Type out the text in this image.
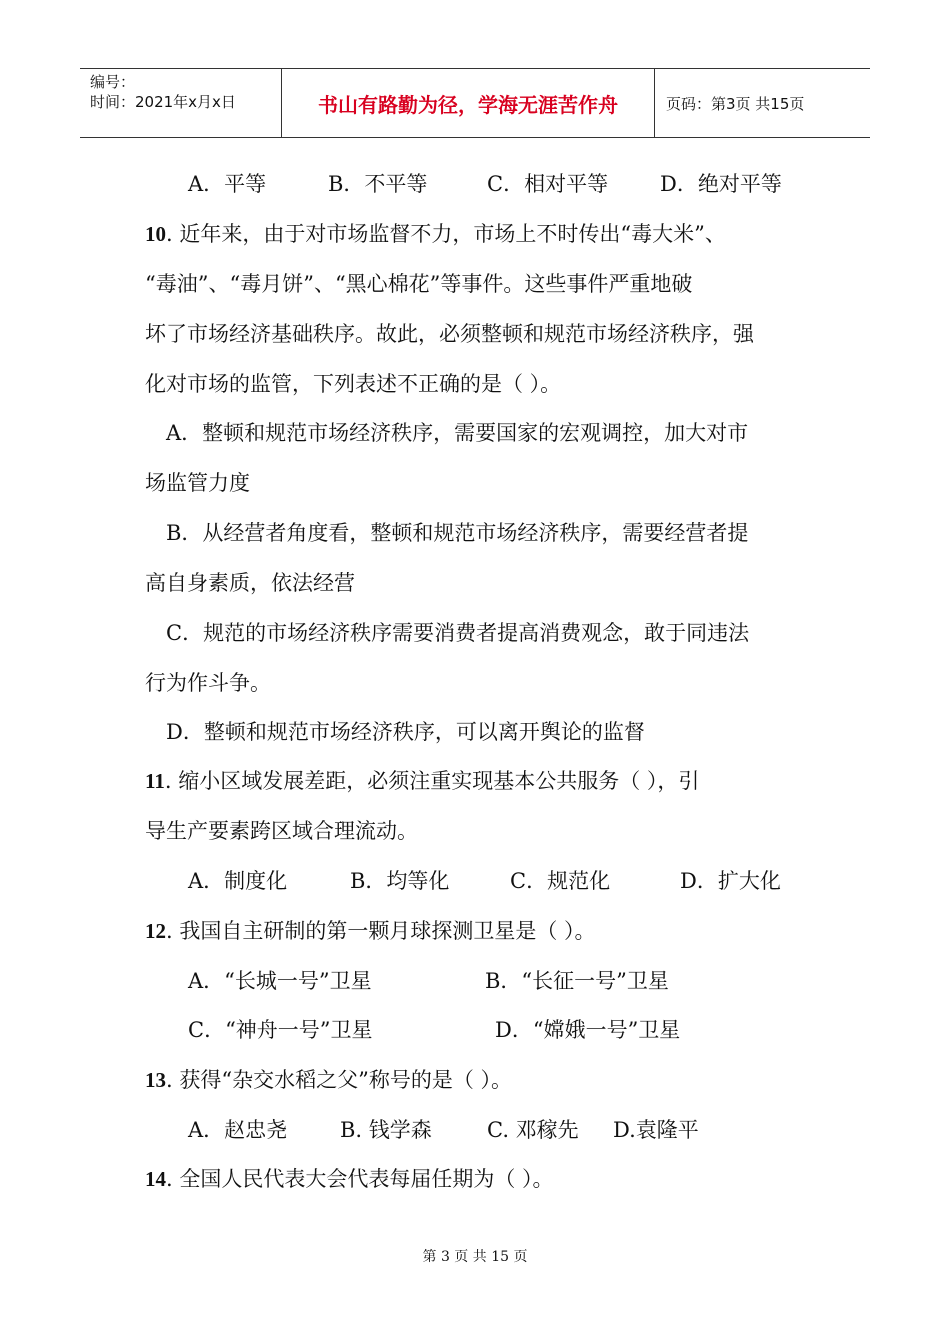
编号：
时间：2021年x月x日	书山有路勤为径，学海无涯苦作舟	页码：第3页 共15页
A．平等	B．不平等	C．相对平等 D．绝对平等
10. 近年来，由于对市场监督不力，市场上不时传出“毒大米”、
“毒油”、“毒月饼”、“黑心棉花”等事件。这些事件严重地破
坏了市场经济基础秩序。故此，必须整顿和规范市场经济秩序，强
化对市场的监管，下列表述不正确的是（ ）。
A．整顿和规范市场经济秩序，需要国家的宏观调控，加大对市
场监管力度
B．从经营者角度看，整顿和规范市场经济秩序，需要经营者提
高自身素质，依法经营
C．规范的市场经济秩序需要消费者提高消费观念，敢于同违法
行为作斗争。
D．整顿和规范市场经济秩序，可以离开舆论的监督
11. 缩小区域发展差距，必须注重实现基本公共服务（ ），引
导生产要素跨区域合理流动。
A．制度化	B．均等化	C．规范化	D．扩大化
12. 我国自主研制的第一颗月球探测卫星是（ ）。
A．“长城一号”卫星	B．“长征一号”卫星
C．“神舟一号”卫星	D．“嫦娥一号”卫星
13. 获得“杂交水稻之父”称号的是（ ）。
A．赵忠尧	B. 钱学森	C. 邓稼先 D.袁隆平
14. 全国人民代表大会代表每届任期为（ ）。
第 3 页 共 15 页
